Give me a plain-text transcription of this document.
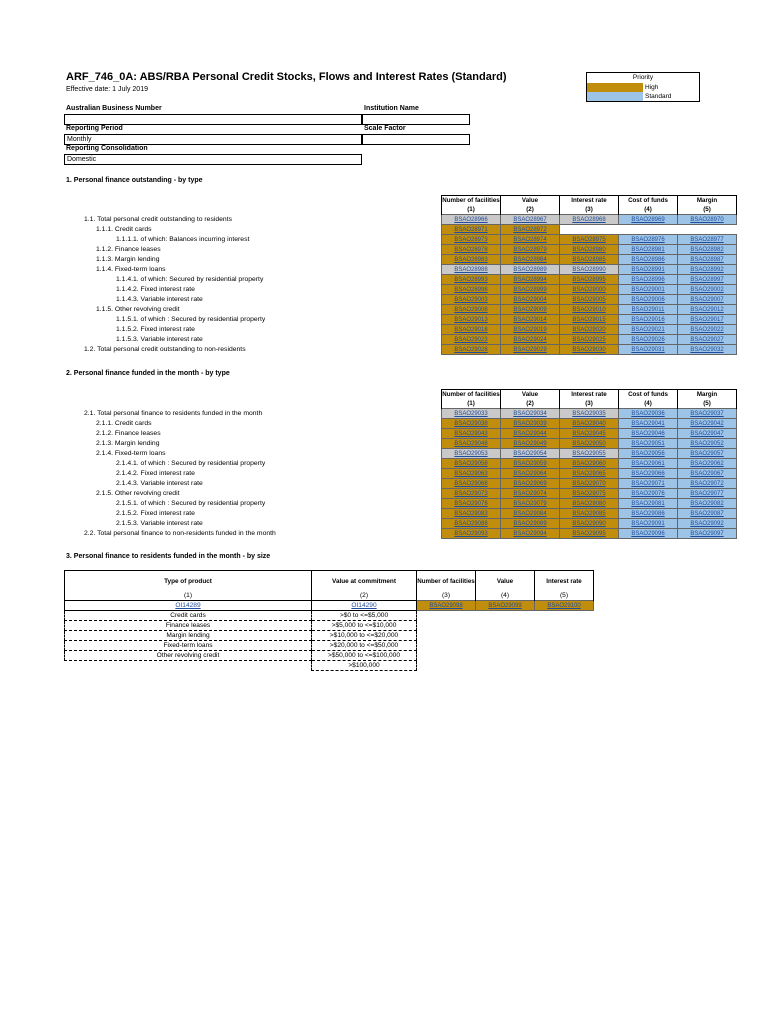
ARF_746_0A: ABS/RBA Personal Credit Stocks, Flows and Interest Rates (Standard)
Effective date: 1 July 2019
Priority
High
Standard
Australian Business Number	Institution Name
Reporting Period	Scale Factor
Monthly
Reporting Consolidation
Domestic
1. Personal finance outstanding - by type
	Number of facilities	Value	Interest rate	Cost of funds	Margin
	(1)	(2)	(3)	(4)	(5)
1.1. Total personal credit outstanding to residents	BSAO28966	BSAO28967	BSAO28968	BSAO28969	BSAO28970
1.1.1. Credit cards	BSAO28971	BSAO28972			
1.1.1.1. of which: Balances incurring interest	BSAO28973	BSAO28974	BSAO28975	BSAO28976	BSAO28977
1.1.2. Finance leases	BSAO28978	BSAO28979	BSAO28980	BSAO28981	BSAO28982
1.1.3. Margin lending	BSAO28983	BSAO28984	BSAO28985	BSAO28986	BSAO28987
1.1.4. Fixed-term loans	BSAO28988	BSAO28989	BSAO28990	BSAO28991	BSAO28992
1.1.4.1. of which: Secured by residential property	BSAO28993	BSAO28994	BSAO28995	BSAO28996	BSAO28997
1.1.4.2. Fixed interest rate	BSAO28998	BSAO28999	BSAO29000	BSAO29001	BSAO29002
1.1.4.3. Variable interest rate	BSAO29003	BSAO29004	BSAO29005	BSAO29006	BSAO29007
1.1.5. Other revolving credit	BSAO29008	BSAO29009	BSAO29010	BSAO29011	BSAO29012
1.1.5.1. of which : Secured by residential property	BSAO29013	BSAO29014	BSAO29015	BSAO29016	BSAO29017
1.1.5.2. Fixed interest rate	BSAO29018	BSAO29019	BSAO29020	BSAO29021	BSAO29022
1.1.5.3. Variable interest rate	BSAO29023	BSAO29024	BSAO29025	BSAO29026	BSAO29027
1.2. Total personal credit outstanding to non-residents	BSAO29028	BSAO29029	BSAO29030	BSAO29031	BSAO29032
2. Personal finance funded in the month - by type
	Number of facilities	Value	Interest rate	Cost of funds	Margin
	(1)	(2)	(3)	(4)	(5)
2.1. Total personal finance to residents funded in the month	BSAO29033	BSAO29034	BSAO29035	BSAO29036	BSAO29037
2.1.1. Credit cards	BSAO29038	BSAO29039	BSAO29040	BSAO29041	BSAO29042
2.1.2. Finance leases	BSAO29043	BSAO29044	BSAO29045	BSAO29046	BSAO29047
2.1.3. Margin lending	BSAO29048	BSAO29049	BSAO29050	BSAO29051	BSAO29052
2.1.4. Fixed-term loans	BSAO29053	BSAO29054	BSAO29055	BSAO29056	BSAO29057
2.1.4.1. of which : Secured by residential property	BSAO29058	BSAO29059	BSAO29060	BSAO29061	BSAO29062
2.1.4.2. Fixed interest rate	BSAO29063	BSAO29064	BSAO29065	BSAO29066	BSAO29067
2.1.4.3. Variable interest rate	BSAO29068	BSAO29069	BSAO29070	BSAO29071	BSAO29072
2.1.5. Other revolving credit	BSAO29073	BSAO29074	BSAO29075	BSAO29076	BSAO29077
2.1.5.1. of which : Secured by residential property	BSAO29078	BSAO29079	BSAO29080	BSAO29081	BSAO29082
2.1.5.2. Fixed interest rate	BSAO29083	BSAO29084	BSAO29085	BSAO29086	BSAO29087
2.1.5.3. Variable interest rate	BSAO29088	BSAO29089	BSAO29090	BSAO29091	BSAO29092
2.2. Total personal finance to non-residents funded in the month	BSAO29093	BSAO29094	BSAO29095	BSAO29096	BSAO29097
3. Personal finance to residents funded in the month - by size
Type of product	Value at commitment	Number of facilities	Value	Interest rate
(1)	(2)	(3)	(4)	(5)
OI14289	OI14290	BSAO29098	BSAO29099	BSAO29100
Credit cards	>$0 to <=$5,000			
Finance leases	>$5,000 to <=$10,000			
Margin lending	>$10,000 to <=$20,000			
Fixed-term loans	>$20,000 to <=$50,000			
Other revolving credit	>$50,000 to <=$100,000			
	>$100,000			
